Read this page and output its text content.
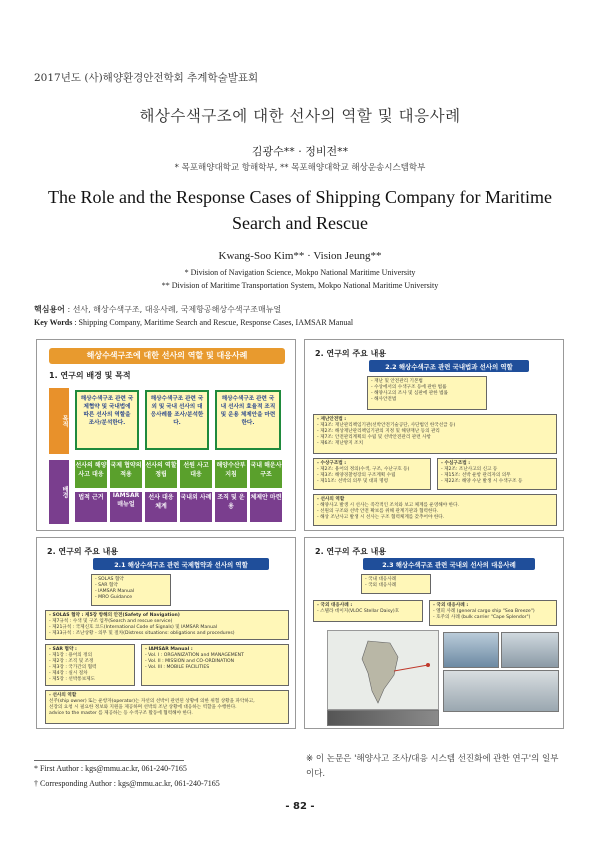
2017년도 (사)해양환경안전학회 추계학술발표회
해상수색구조에 대한 선사의 역할 및 대응사례
김광수** · 정비전**
* 목포해양대학교 항해학부, ** 목포해양대학교 해상운송시스템학부
The Role and the Response Cases of Shipping Company for Maritime Search and Rescue
Kwang-Soo Kim** · Vision Jeung**
* Division of Navigation Science, Mokpo National Maritime University
** Division of Maritime Transportation System, Mokpo National Maritime University
핵심용어 : 선사, 해상수색구조, 대응사례, 국제항공해상수색구조매뉴얼
Key Words : Shipping Company, Maritime Search and Rescue, Response Cases, IAMSAR Manual
해상수색구조에 대한 선사의 역할 및 대응사례
1. 연구의 배경 및 목적
목적
배경
해상수색구조 관련 국제협약 및 국내법에 따른 선사의 역할을 조사/분석한다.
해상수색구조 관련 국외 및 국내 선사의 대응사례를 조사/분석한다.
해상수색구조 관련 국내 선사의 효율적 조직 및 운용 체제안을 마련한다.
선사의 해양사고 대응
국제 협약의 적용
선사의 역할 정립
선원 사고 대응
해양수산부 지침
국내 해운사 구조
법적 근거	IAMSAR 매뉴얼
선사 대응 체계
국내외 사례 조직 및 운용
체제안 마련
2. 연구의 주요 내용
2.2 해상수색구조 관련 국내법과 선사의 역할
- 재난 및 안전관리 기본법
- 수상에서의 수색구조 등에 관한 법률
- 해양사고의 조사 및 심판에 관한 법률
- 해사안전법
- 재난안전법 :
- 제3조: 재난관리책임기관(선박안전기술공단, 사단법인 한국선급 등)
- 제2조: 해상재난관리책임기관의 지정 및 해양재난 등의 관리
- 제7조: 안전관리계획의 수립 및 선박안전관리 관련 사항
- 제6조: 재난방지 조치
- 수상구조법 :
- 제2조: 용어의 정의(수색, 구조, 수난구호 등)
- 제3조: 해양경찰청장의 구조계획 수립
- 제11조: 선박의 의무 및 대피 명령
- 수심구조법 :
- 제2조: 조난사고의 신고 등
- 제15조: 선박 운항 관리자의 의무
- 제22조: 해양 수난 발생 시 수색구조 등
- 선사의 역할
- 해양사고 발생 시 선사는 즉각적인 조치와 보고 체계를 운영해야 한다.
- 선원의 구조와 선박 안전 확보를 위해 관계기관과 협력한다.
- 해상 조난사고 발생 시 선사는 구조 협력체계를 갖추어야 한다.
2. 연구의 주요 내용
2.1 해상수색구조 관련 국제협약과 선사의 역할
- SOLAS 협약
- SAR 협약
- IAMSAR Manual
- MRO Guidance
- SOLAS 협약 : 제5장 항해의 안전(Safety of Navigation)
- 제7규칙 : 수색 및 구조 업무(Search and rescue service)
- 제21규칙 : 국제신호 코드(International Code of Signals) 및 IAMSAR Manual
- 제33규칙 : 조난상황 - 의무 및 절차(Distress situations: obligations and procedures)
- SAR 협약 :
- 제1장 : 용어의 정의
- 제2장 : 조직 및 조정
- 제3장 : 국가간의 협력
- 제4장 : 실시 절차
- 제5장 : 선박통보제도
- IAMSAR Manual :
- Vol. I : ORGANIZATION and MANAGEMENT
- Vol. II : MISSION and CO-ORDINATION
- Vol. III : MOBILE FACILITIES
- 선사의 역할
선주(ship owner) 또는 운항자(operator)는 자선의 선박이 관련된 상황에 의한 위험 상황을 파악하고,
선장의 요청 시 필요한 정보와 지원을 제공하며 선박의 조난 상황에 대응하는 역할을 수행한다.
advice to the master 를 제공하는 등 수색구조 활동에 협력해야 한다.
2. 연구의 주요 내용
2.3 해상수색구조 관련 국내외 선사의 대응사례
- 국내 대응사례
- 국외 대응사례
- 국외 대응사례 :
- 스텔라 데이지(VLOC Stellar Daisy)호
- 국외 대응사례 :
- 엘피 사례 (general cargo ship "Sea Breeze")
- 호주의 사례 (bulk carrier "Cape Splendor")
* First Author : kgs@mmu.ac.kr, 061-240-7165
† Corresponding Author : kgs@mmu.ac.kr, 061-240-7165
※ 이 논문은 '해양사고 조사/대응 시스템 선진화에 관한 연구'의 일부이다.
- 82 -
